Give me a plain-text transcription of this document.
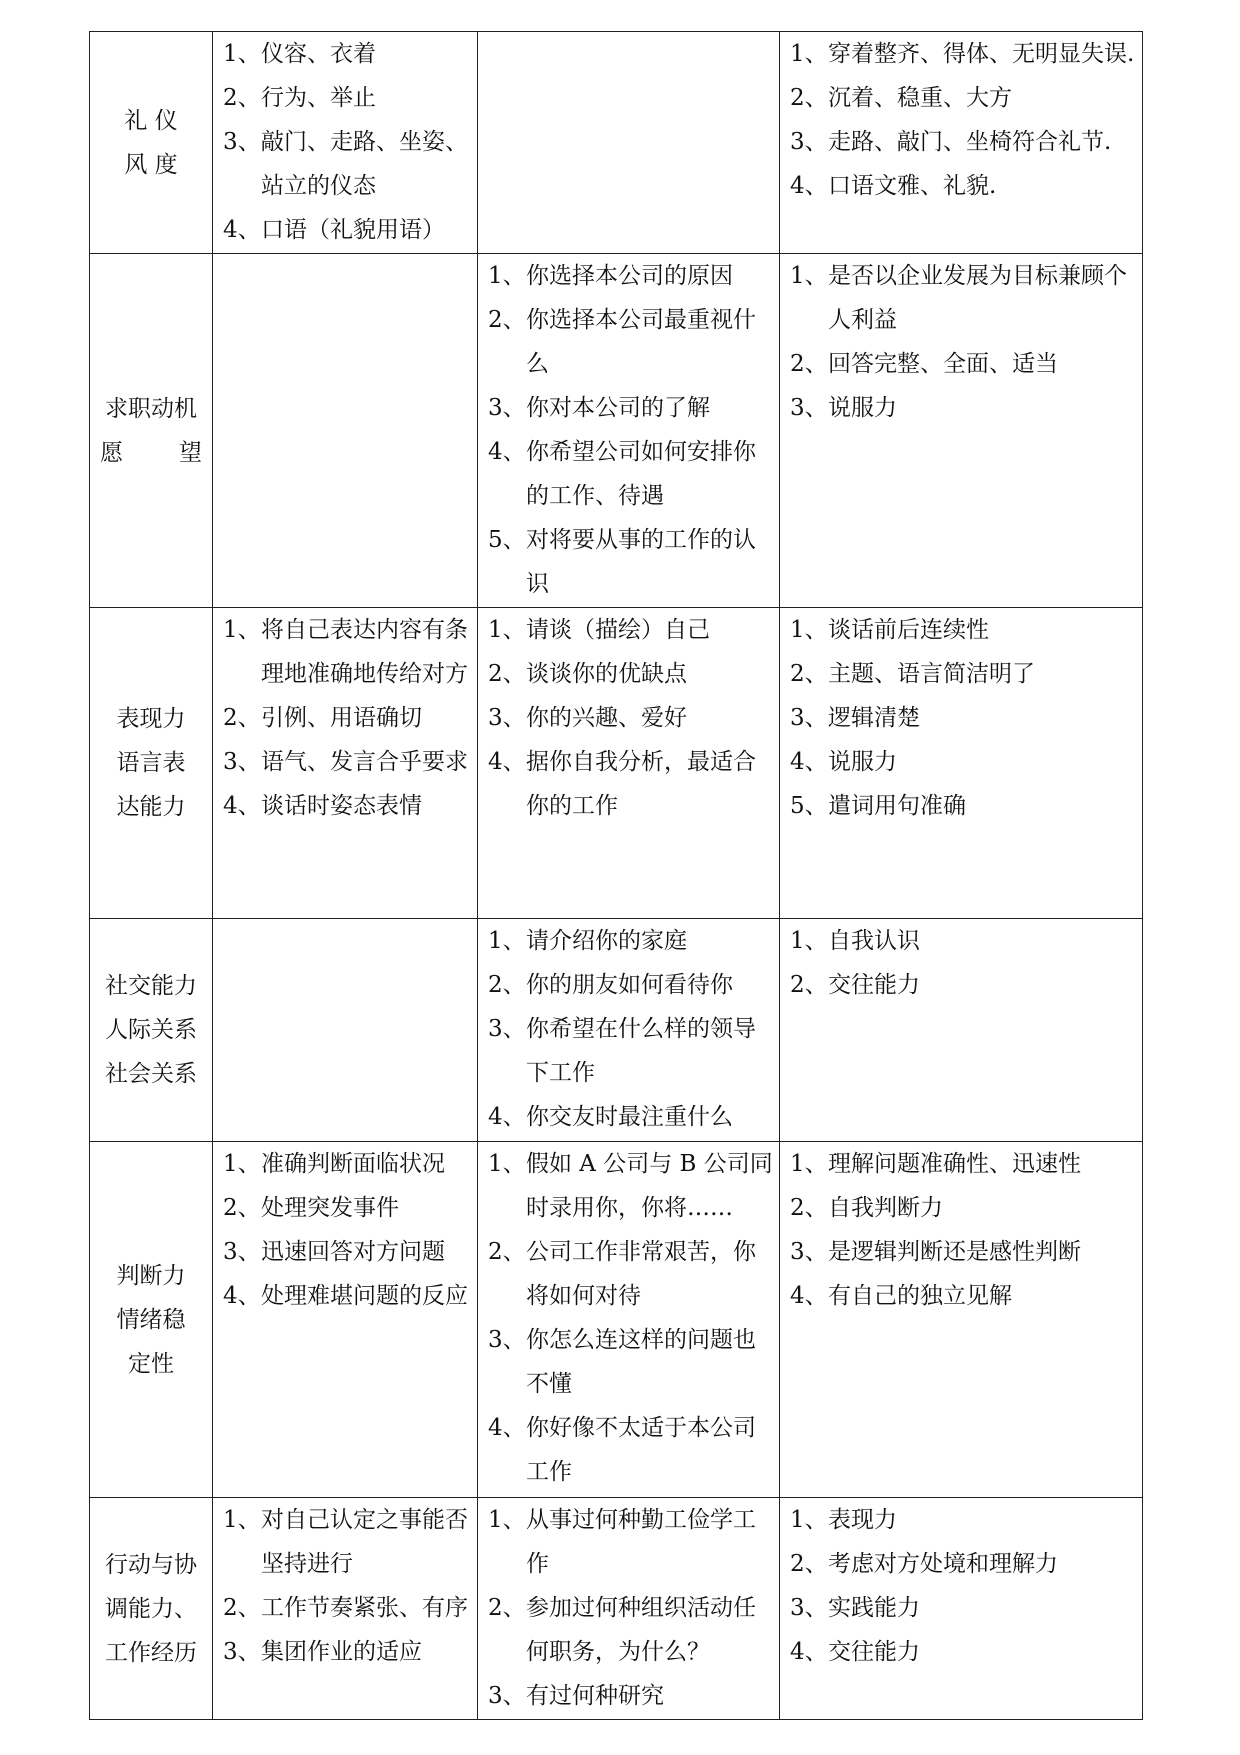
礼 仪
风 度	1、仪容、衣着
2、行为、举止
3、敲门、走路、坐姿、站立的仪态
4、口语（礼貌用语）		1、穿着整齐、得体、无明显失误.
2、沉着、稳重、大方
3、走路、敲门、坐椅符合礼节.
4、口语文雅、礼貌.

求职动机
愿　　望		1、你选择本公司的原因
2、你选择本公司最重视什么
3、你对本公司的了解
4、你希望公司如何安排你的工作、待遇
5、对将要从事的工作的认识	1、是否以企业发展为目标兼顾个人利益
2、回答完整、全面、适当
3、说服力

表现力
语言表
达能力	1、将自己表达内容有条理地准确地传给对方
2、引例、用语确切
3、语气、发言合乎要求
4、谈话时姿态表情	1、请谈（描绘）自己
2、谈谈你的优缺点
3、你的兴趣、爱好
4、据你自我分析，最适合你的工作	1、谈话前后连续性
2、主题、语言简洁明了
3、逻辑清楚
4、说服力
5、遣词用句准确

社交能力
人际关系
社会关系		1、请介绍你的家庭
2、你的朋友如何看待你
3、你希望在什么样的领导下工作
4、你交友时最注重什么	1、自我认识
2、交往能力

判断力
情绪稳
定性	1、准确判断面临状况
2、处理突发事件
3、迅速回答对方问题
4、处理难堪问题的反应	1、假如 A 公司与 B 公司同时录用你，你将……
2、公司工作非常艰苦，你将如何对待
3、你怎么连这样的问题也不懂
4、你好像不太适于本公司工作	1、理解问题准确性、迅速性
2、自我判断力
3、是逻辑判断还是感性判断
4、有自己的独立见解

行动与协
调能力、
工作经历	1、对自己认定之事能否坚持进行
2、工作节奏紧张、有序
3、集团作业的适应	1、从事过何种勤工俭学工作
2、参加过何种组织活动任何职务，为什么？
3、有过何种研究	1、表现力
2、考虑对方处境和理解力
3、实践能力
4、交往能力
